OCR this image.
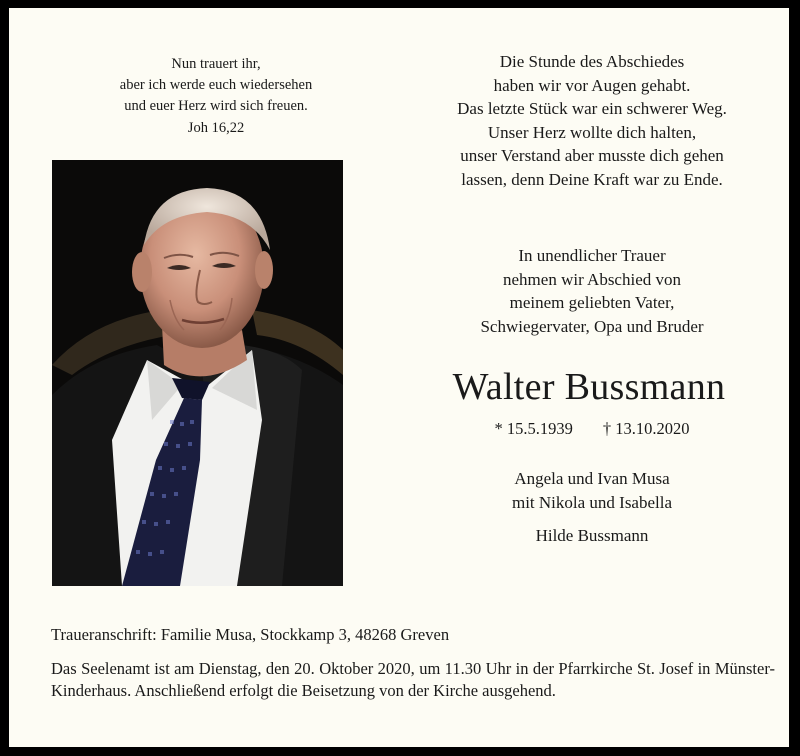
Nun trauert ihr,
aber ich werde euch wiedersehen
und euer Herz wird sich freuen.
Joh 16,22
Die Stunde des Abschiedes
haben wir vor Augen gehabt.
Das letzte Stück war ein schwerer Weg.
Unser Herz wollte dich halten,
unser Verstand aber musste dich gehen
lassen, denn Deine Kraft war zu Ende.
In unendlicher Trauer
nehmen wir Abschied von
meinem geliebten Vater,
Schwiegervater, Opa und Bruder
Walter Bussmann
* 15.5.1939 † 13.10.2020
Angela und Ivan Musa
mit Nikola und Isabella
Hilde Bussmann
Traueranschrift: Familie Musa, Stockkamp 3, 48268 Greven
Das Seelenamt ist am Dienstag, den 20. Oktober 2020, um 11.30 Uhr in der Pfarrkirche St. Josef in Münster-Kinderhaus. Anschließend erfolgt die Beisetzung von der Kirche ausgehend.
